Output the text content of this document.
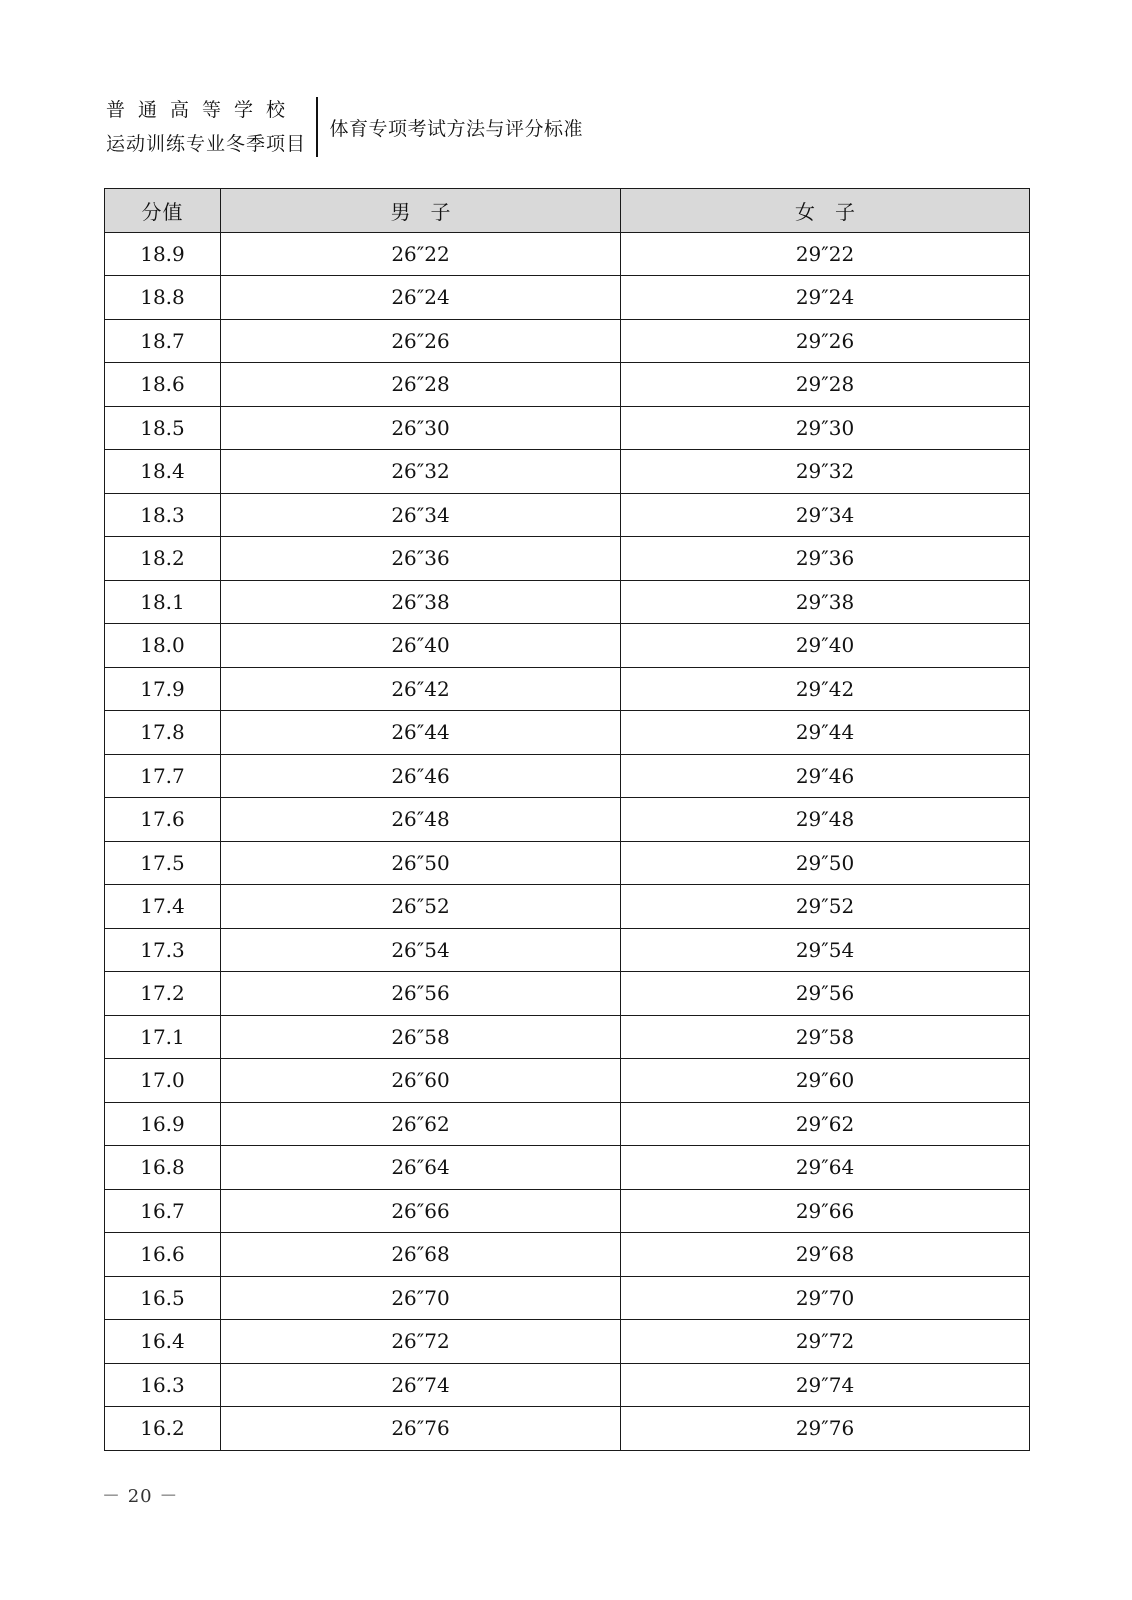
普通高等学校
运动训练专业冬季项目
体育专项考试方法与评分标准
分值	男　子	女　子
18.9	26″22	29″22
18.8	26″24	29″24
18.7	26″26	29″26
18.6	26″28	29″28
18.5	26″30	29″30
18.4	26″32	29″32
18.3	26″34	29″34
18.2	26″36	29″36
18.1	26″38	29″38
18.0	26″40	29″40
17.9	26″42	29″42
17.8	26″44	29″44
17.7	26″46	29″46
17.6	26″48	29″48
17.5	26″50	29″50
17.4	26″52	29″52
17.3	26″54	29″54
17.2	26″56	29″56
17.1	26″58	29″58
17.0	26″60	29″60
16.9	26″62	29″62
16.8	26″64	29″64
16.7	26″66	29″66
16.6	26″68	29″68
16.5	26″70	29″70
16.4	26″72	29″72
16.3	26″74	29″74
16.2	26″76	29″76
－ 20 －
